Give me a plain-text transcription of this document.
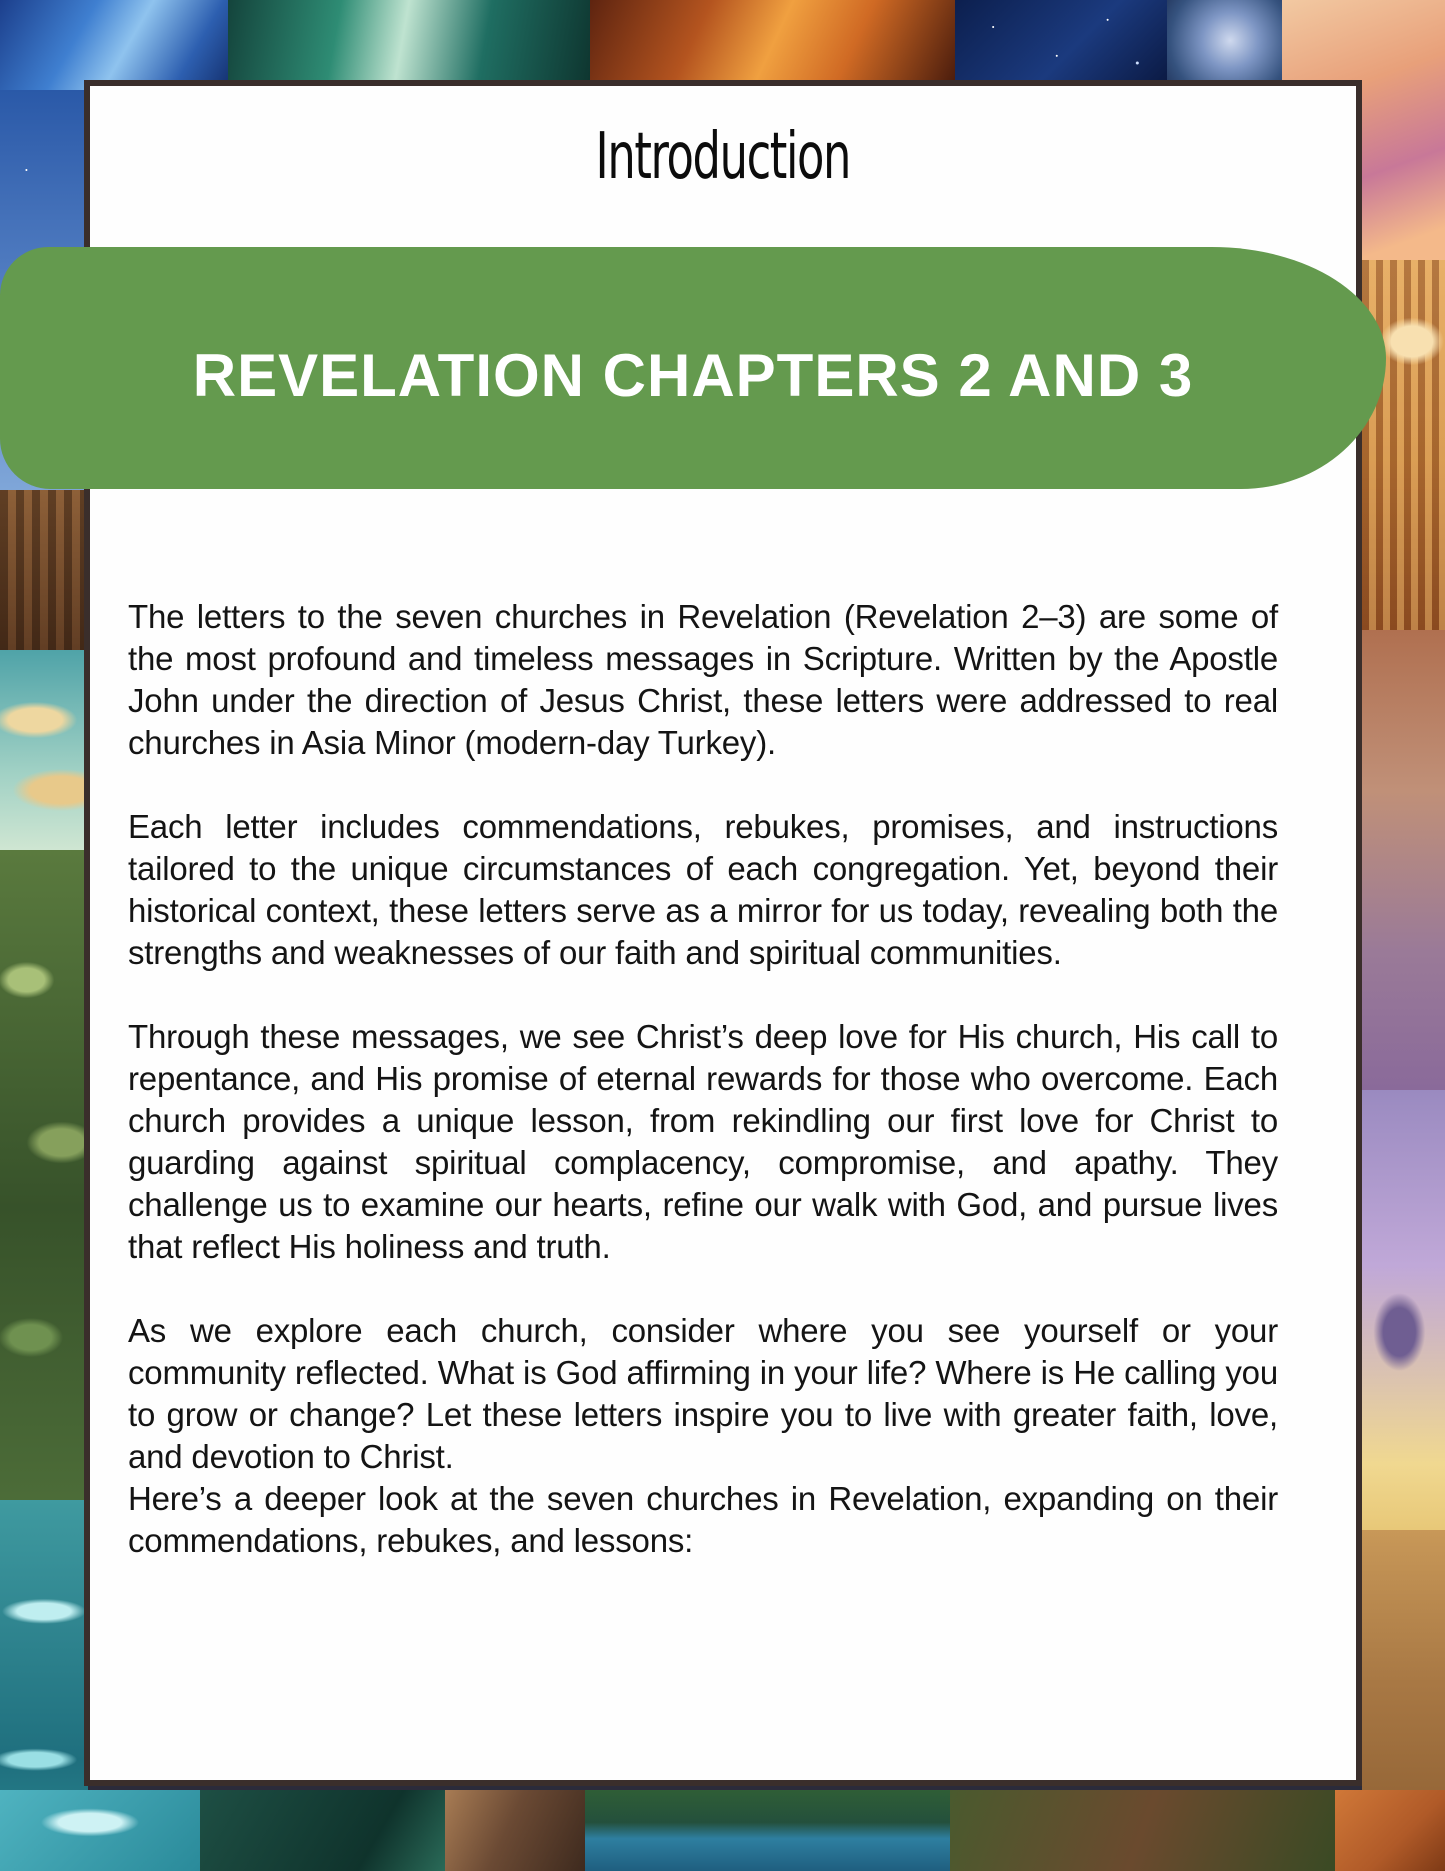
Introduction
REVELATION CHAPTERS 2 AND 3

The letters to the seven churches in Revelation (Revelation 2–3) are some of the most profound and timeless messages in Scripture. Written by the Apostle John under the direction of Jesus Christ, these letters were addressed to real churches in Asia Minor (modern-day Turkey).

Each letter includes commendations, rebukes, promises, and instructions tailored to the unique circumstances of each congregation. Yet, beyond their historical context, these letters serve as a mirror for us today, revealing both the strengths and weaknesses of our faith and spiritual communities.

Through these messages, we see Christ’s deep love for His church, His call to repentance, and His promise of eternal rewards for those who overcome. Each church provides a unique lesson, from rekindling our first love for Christ to guarding against spiritual complacency, compromise, and apathy. They challenge us to examine our hearts, refine our walk with God, and pursue lives that reflect His holiness and truth.

As we explore each church, consider where you see yourself or your community reflected. What is God affirming in your life? Where is He calling you to grow or change? Let these letters inspire you to live with greater faith, love, and devotion to Christ.

Here’s a deeper look at the seven churches in Revelation, expanding on their commendations, rebukes, and lessons:
